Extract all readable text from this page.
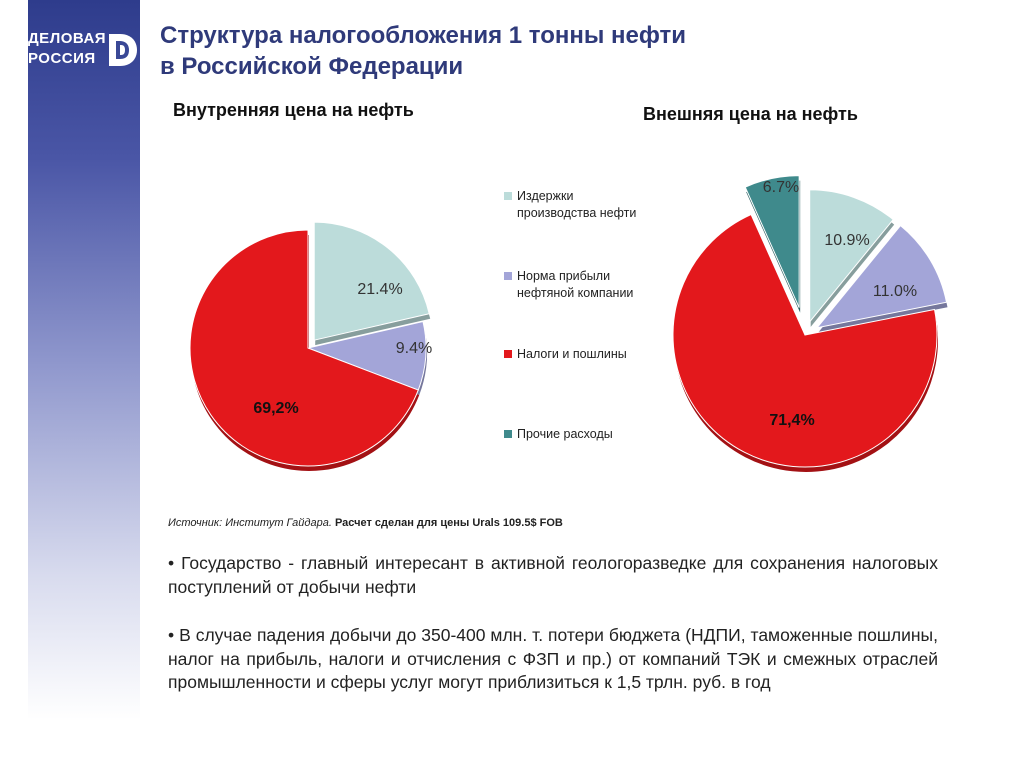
ДЕЛОВАЯ
РОССИЯ
Структура налогообложения 1 тонны нефти
в Российской Федерации
Внутренняя цена на нефть	Внешняя цена на нефть
21.4%
9.4%
69,2%
10.9%
11.0%
71,4%
6.7%
Издержки производства нефти
Норма прибыли нефтяной компании
Налоги и пошлины
Прочие расходы
Источник: Институт Гайдара. Расчет сделан для цены Urals 109.5$ FOB
• Государство - главный интересант в активной геологоразведке для сохранения налоговых поступлений от добычи нефти
• В случае падения добычи до 350-400 млн. т. потери бюджета (НДПИ, таможенные пошлины, налог на прибыль, налоги и отчисления с ФЗП и пр.) от компаний ТЭК и смежных отраслей промышленности и сферы услуг могут приблизиться к 1,5 трлн. руб. в год
